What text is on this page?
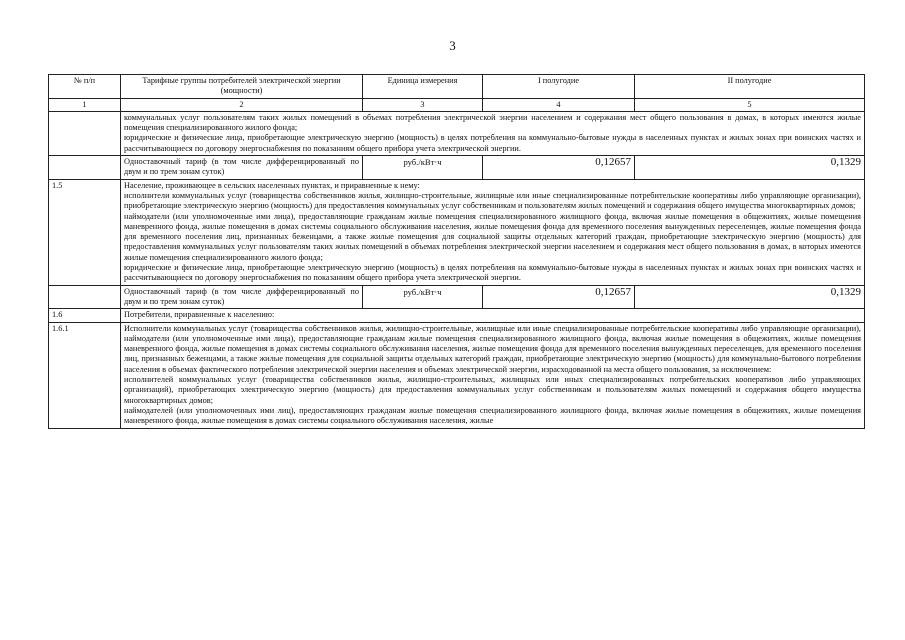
3
№ п/п	Тарифные группы потребителей электрической энергии (мощности)	Единица измерения	I полугодие	II полугодие
1	2	3	4	5

	коммунальных услуг пользователям таких жилых помещений в объемах потребления электрической энергии населением и содержания мест общего пользования в домах, в которых имеются жилые помещения специализированного жилого фонда;

юридические и физические лица, приобретающие электрическую энергию (мощность) в целях потребления на коммунально-бытовые нужды в населенных пунктах и жилых зонах при воинских частях и рассчитывающиеся по договору энергоснабжения по показаниям общего прибора учета электрической энергии.			

	Одноставочный тариф (в том числе дифференцированный по двум и по трем зонам суток)	руб./кВт·ч	0,12657	0,1329
1.5	Население, проживающее в сельских населенных пунктах, и приравненные к нему:

исполнители коммунальных услуг (товарищества собственников жилья, жилищно-строительные, жилищные или иные специализированные потребительские кооперативы либо управляющие организации), приобретающие электрическую энергию (мощность) для предоставления коммунальных услуг собственникам и пользователям жилых помещений и содержания общего имущества многоквартирных домов;

наймодатели (или уполномоченные ими лица), предоставляющие гражданам жилые помещения специализированного жилищного фонда, включая жилые помещения в общежитиях, жилые помещения маневренного фонда, жилые помещения в домах системы социального обслуживания населения, жилые помещения фонда для временного поселения вынужденных переселенцев, жилые помещения фонда для временного поселения лиц, признанных беженцами, а также жилые помещения для социальной защиты отдельных категорий граждан, приобретающие электрическую энергию (мощность) для предоставления коммунальных услуг пользователям таких жилых помещений в объемах потребления электрической энергии населением и содержания мест общего пользования в домах, в которых имеются жилые помещения специализированного жилого фонда;

юридические и физические лица, приобретающие электрическую энергию (мощность) в целях потребления на коммунально-бытовые нужды в населенных пунктах и жилых зонах при воинских частях и рассчитывающиеся по договору энергоснабжения по показаниям общего прибора учета электрической энергии.			

	Одноставочный тариф (в том числе дифференцированный по двум и по трем зонам суток)	руб./кВт·ч	0,12657	0,1329
1.6	Потребители, приравненные к населению:			
1.6.1	Исполнители коммунальных услуг (товарищества собственников жилья, жилищно-строительные, жилищные или иные специализированные потребительские кооперативы либо управляющие организации), наймодатели (или уполномоченные ими лица), предоставляющие гражданам жилые помещения специализированного жилищного фонда, включая жилые помещения в общежитиях, жилые помещения маневренного фонда, жилые помещения в домах системы социального обслуживания населения, жилые помещения фонда для временного поселения вынужденных переселенцев, для временного поселения лиц, признанных беженцами, а также жилые помещения для социальной защиты отдельных категорий граждан, приобретающие электрическую энергию (мощность) для коммунально-бытового потребления населения в объемах фактического потребления электрической энергии населения и объемах электрической энергии, израсходованной на места общего пользования, за исключением:

исполнителей коммунальных услуг (товарищества собственников жилья, жилищно-строительных, жилищных или иных специализированных потребительских кооперативов либо управляющих организаций), приобретающих электрическую энергию (мощность) для предоставления коммунальных услуг собственникам и пользователям жилых помещений и содержания общего имущества многоквартирных домов;

наймодателей (или уполномоченных ими лиц), предоставляющих гражданам жилые помещения специализированного жилищного фонда, включая жилые помещения в общежитиях, жилые помещения маневренного фонда, жилые помещения в домах системы социального обслуживания населения, жилые			
